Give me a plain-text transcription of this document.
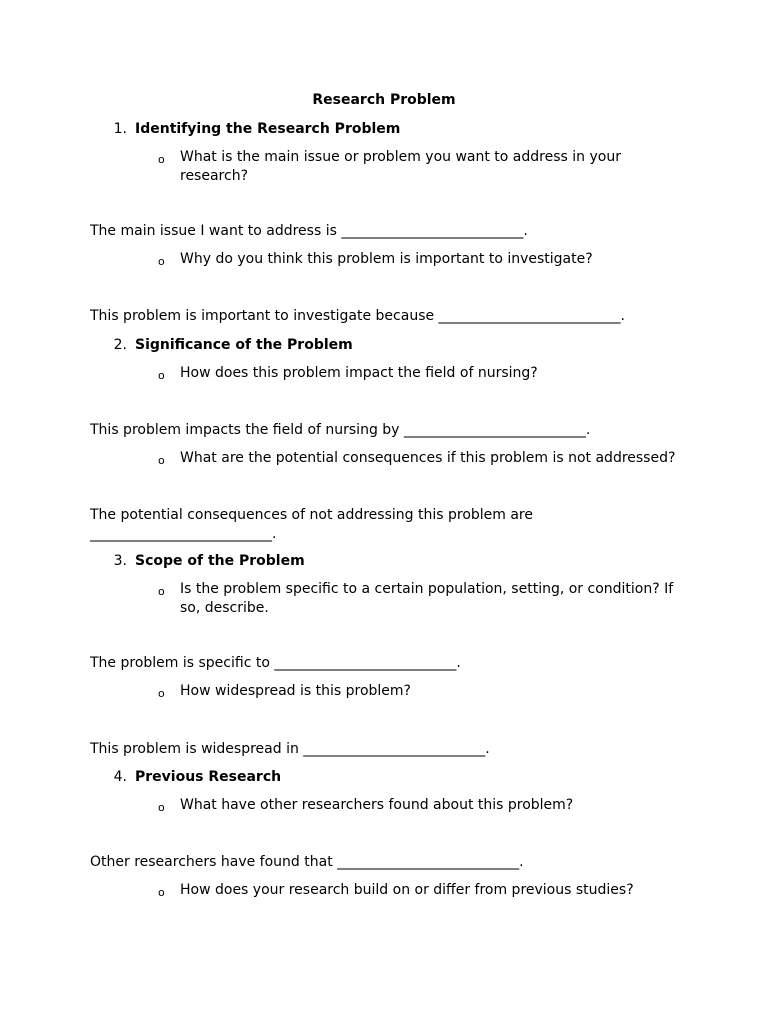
Research Problem
1. Identifying the Research Problem
o What is the main issue or problem you want to address in your research?
The main issue I want to address is __________________________.
o Why do you think this problem is important to investigate?
This problem is important to investigate because __________________________.
2. Significance of the Problem
o How does this problem impact the field of nursing?
This problem impacts the field of nursing by __________________________.
o What are the potential consequences if this problem is not addressed?
The potential consequences of not addressing this problem are
__________________________.
3. Scope of the Problem
o Is the problem specific to a certain population, setting, or condition? If so, describe.
The problem is specific to __________________________.
o How widespread is this problem?
This problem is widespread in __________________________.
4. Previous Research
o What have other researchers found about this problem?
Other researchers have found that __________________________.
o How does your research build on or differ from previous studies?
